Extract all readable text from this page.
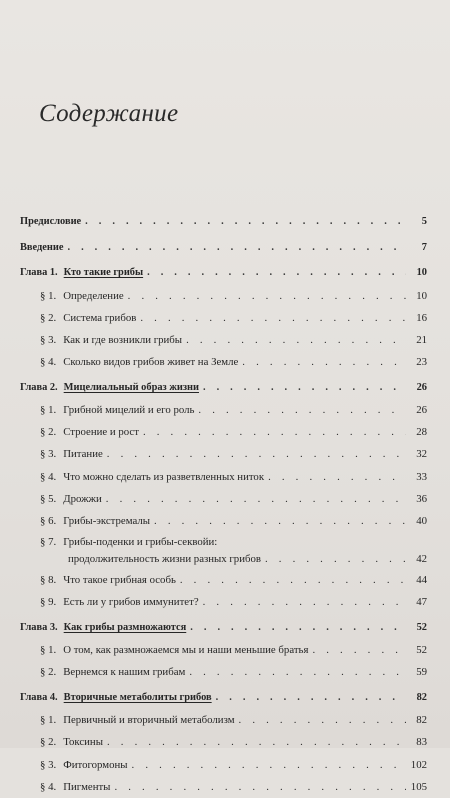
Содержание
Предисловие . . .	5
Введение . . .	7
Глава 1. Кто такие грибы . . .	10
§ 1. Определение . . .	10
§ 2. Система грибов . . .	16
§ 3. Как и где возникли грибы . . .	21
§ 4. Сколько видов грибов живет на Земле . . .	23
Глава 2. Мицелиальный образ жизни . . .	26
§ 1. Грибной мицелий и его роль . . .	26
§ 2. Строение и рост . . .	28
§ 3. Питание . . .	32
§ 4. Что можно сделать из разветвленных ниток . . .	33
§ 5. Дрожжи . . .	36
§ 6. Грибы-экстремалы . . .	40
§ 7. Грибы-поденки и грибы-секвойи:
продолжительность жизни разных грибов . . .	42
§ 8. Что такое грибная особь . . .	44
§ 9. Есть ли у грибов иммунитет? . . .	47
Глава 3. Как грибы размножаются . . .	52
§ 1. О том, как размножаемся мы и наши меньшие братья . . .	52
§ 2. Вернемся к нашим грибам . . .	59
Глава 4. Вторичные метаболиты грибов . . .	82
§ 1. Первичный и вторичный метаболизм . . .	82
§ 2. Токсины . . .	83
§ 3. Фитогормоны . . .	102
§ 4. Пигменты . . .	105
